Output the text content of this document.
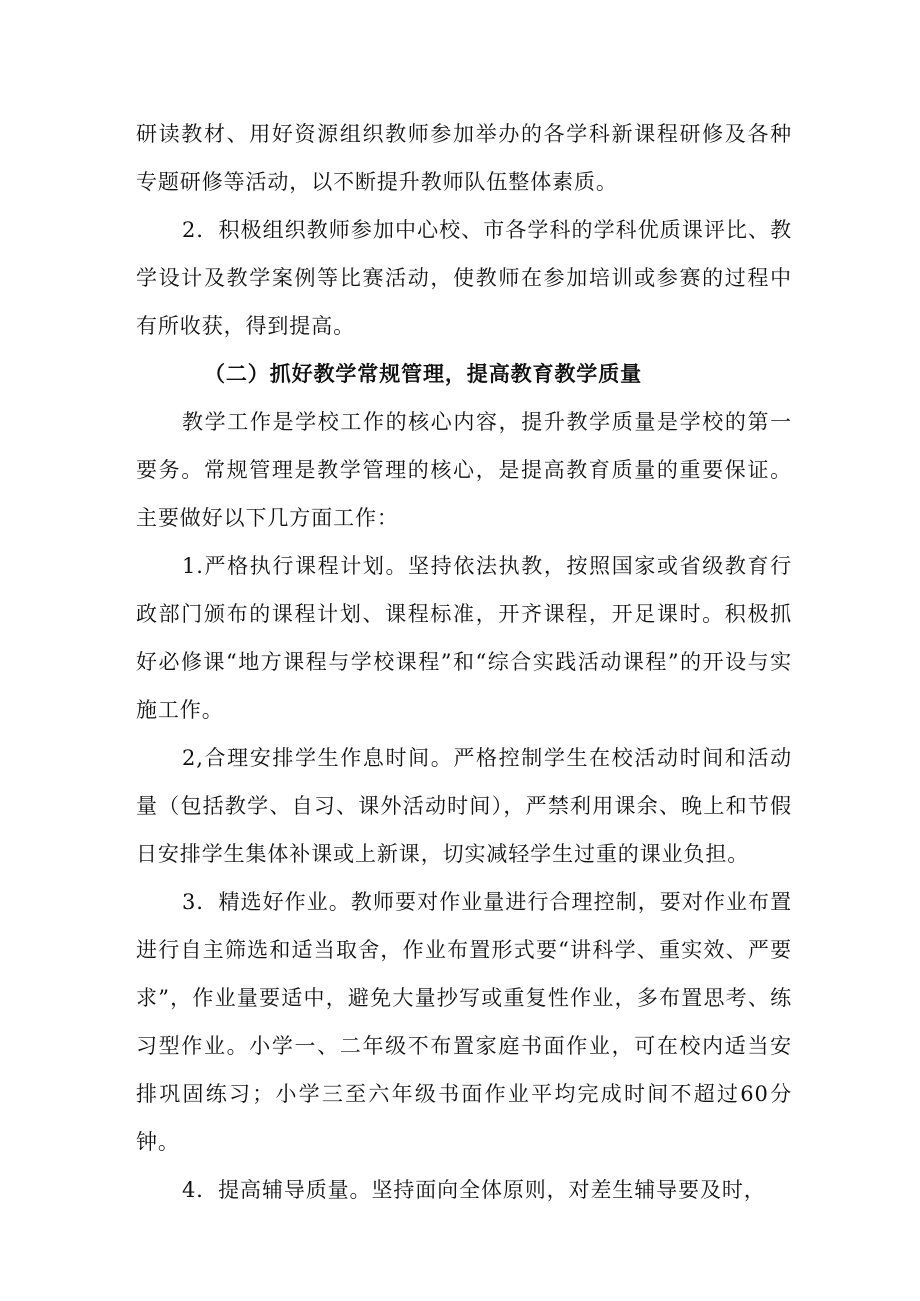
研读教材、用好资源组织教师参加举办的各学科新课程研修及各种专题研修等活动，以不断提升教师队伍整体素质。

2．积极组织教师参加中心校、市各学科的学科优质课评比、教学设计及教学案例等比赛活动，使教师在参加培训或参赛的过程中有所收获，得到提高。

（二）抓好教学常规管理，提高教育教学质量

教学工作是学校工作的核心内容，提升教学质量是学校的第一要务。常规管理是教学管理的核心，是提高教育质量的重要保证。主要做好以下几方面工作：

1.严格执行课程计划。坚持依法执教，按照国家或省级教育行政部门颁布的课程计划、课程标准，开齐课程，开足课时。积极抓好必修课“地方课程与学校课程”和“综合实践活动课程”的开设与实施工作。

2,合理安排学生作息时间。严格控制学生在校活动时间和活动量（包括教学、自习、课外活动时间），严禁利用课余、晚上和节假日安排学生集体补课或上新课，切实减轻学生过重的课业负担。

3．精选好作业。教师要对作业量进行合理控制，要对作业布置进行自主筛选和适当取舍，作业布置形式要“讲科学、重实效、严要求”，作业量要适中，避免大量抄写或重复性作业，多布置思考、练习型作业。小学一、二年级不布置家庭书面作业，可在校内适当安排巩固练习；小学三至六年级书面作业平均完成时间不超过60分钟。

4．提高辅导质量。坚持面向全体原则，对差生辅导要及时，
